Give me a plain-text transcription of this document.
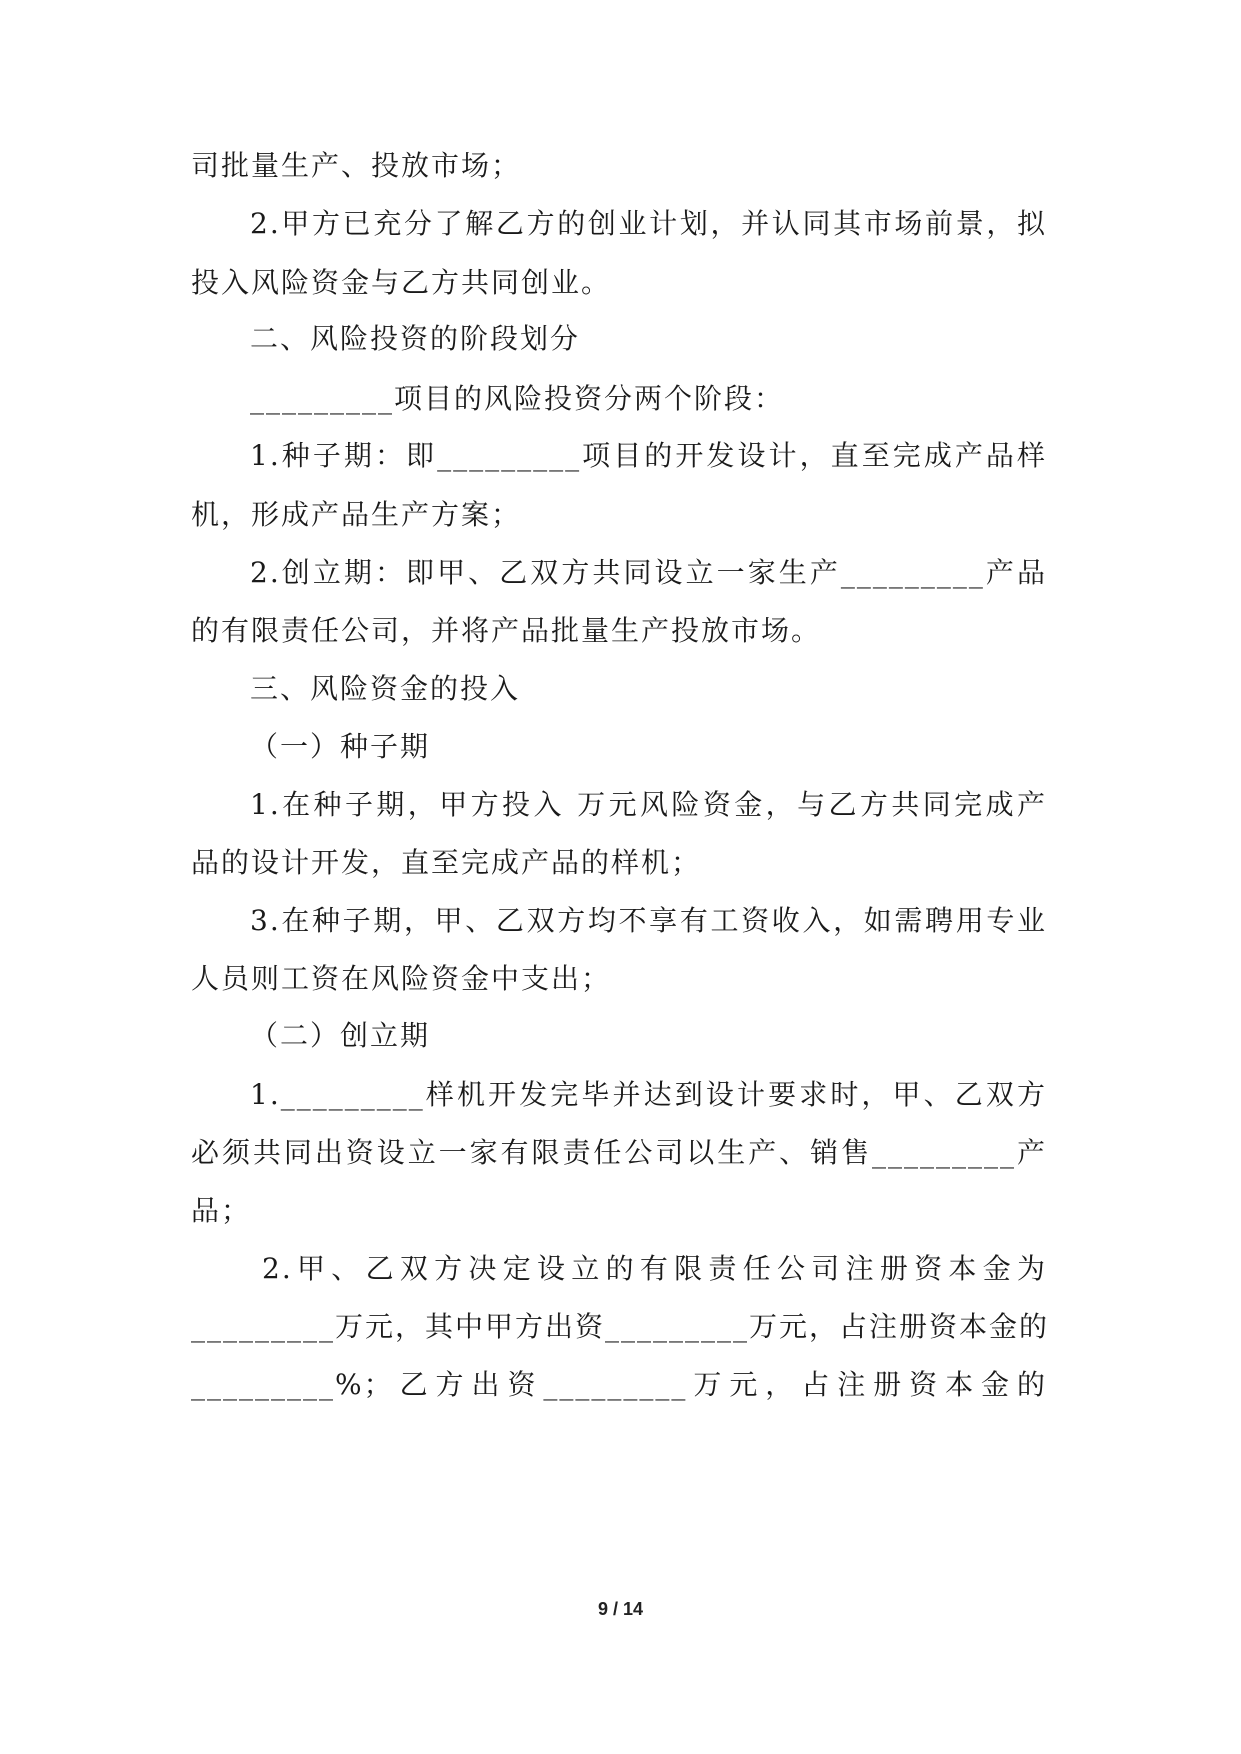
司批量生产、投放市场；
2.甲方已充分了解乙方的创业计划，并认同其市场前景，拟
投入风险资金与乙方共同创业。
二、风险投资的阶段划分
_________项目的风险投资分两个阶段：
1.种子期：即_________项目的开发设计，直至完成产品样
机，形成产品生产方案；
2.创立期：即甲、乙双方共同设立一家生产_________产品
的有限责任公司，并将产品批量生产投放市场。
三、风险资金的投入
（一）种子期
1.在种子期，甲方投入 万元风险资金，与乙方共同完成产
品的设计开发，直至完成产品的样机；
3.在种子期，甲、乙双方均不享有工资收入，如需聘用专业
人员则工资在风险资金中支出；
（二）创立期
1._________样机开发完毕并达到设计要求时，甲、乙双方
必须共同出资设立一家有限责任公司以生产、销售_________产
品；
2.甲、乙双方决定设立的有限责任公司注册资本金为
_________万元，其中甲方出资_________万元，占注册资本金的
_________%；乙方出资_________万元，占注册资本金的
9 / 14
